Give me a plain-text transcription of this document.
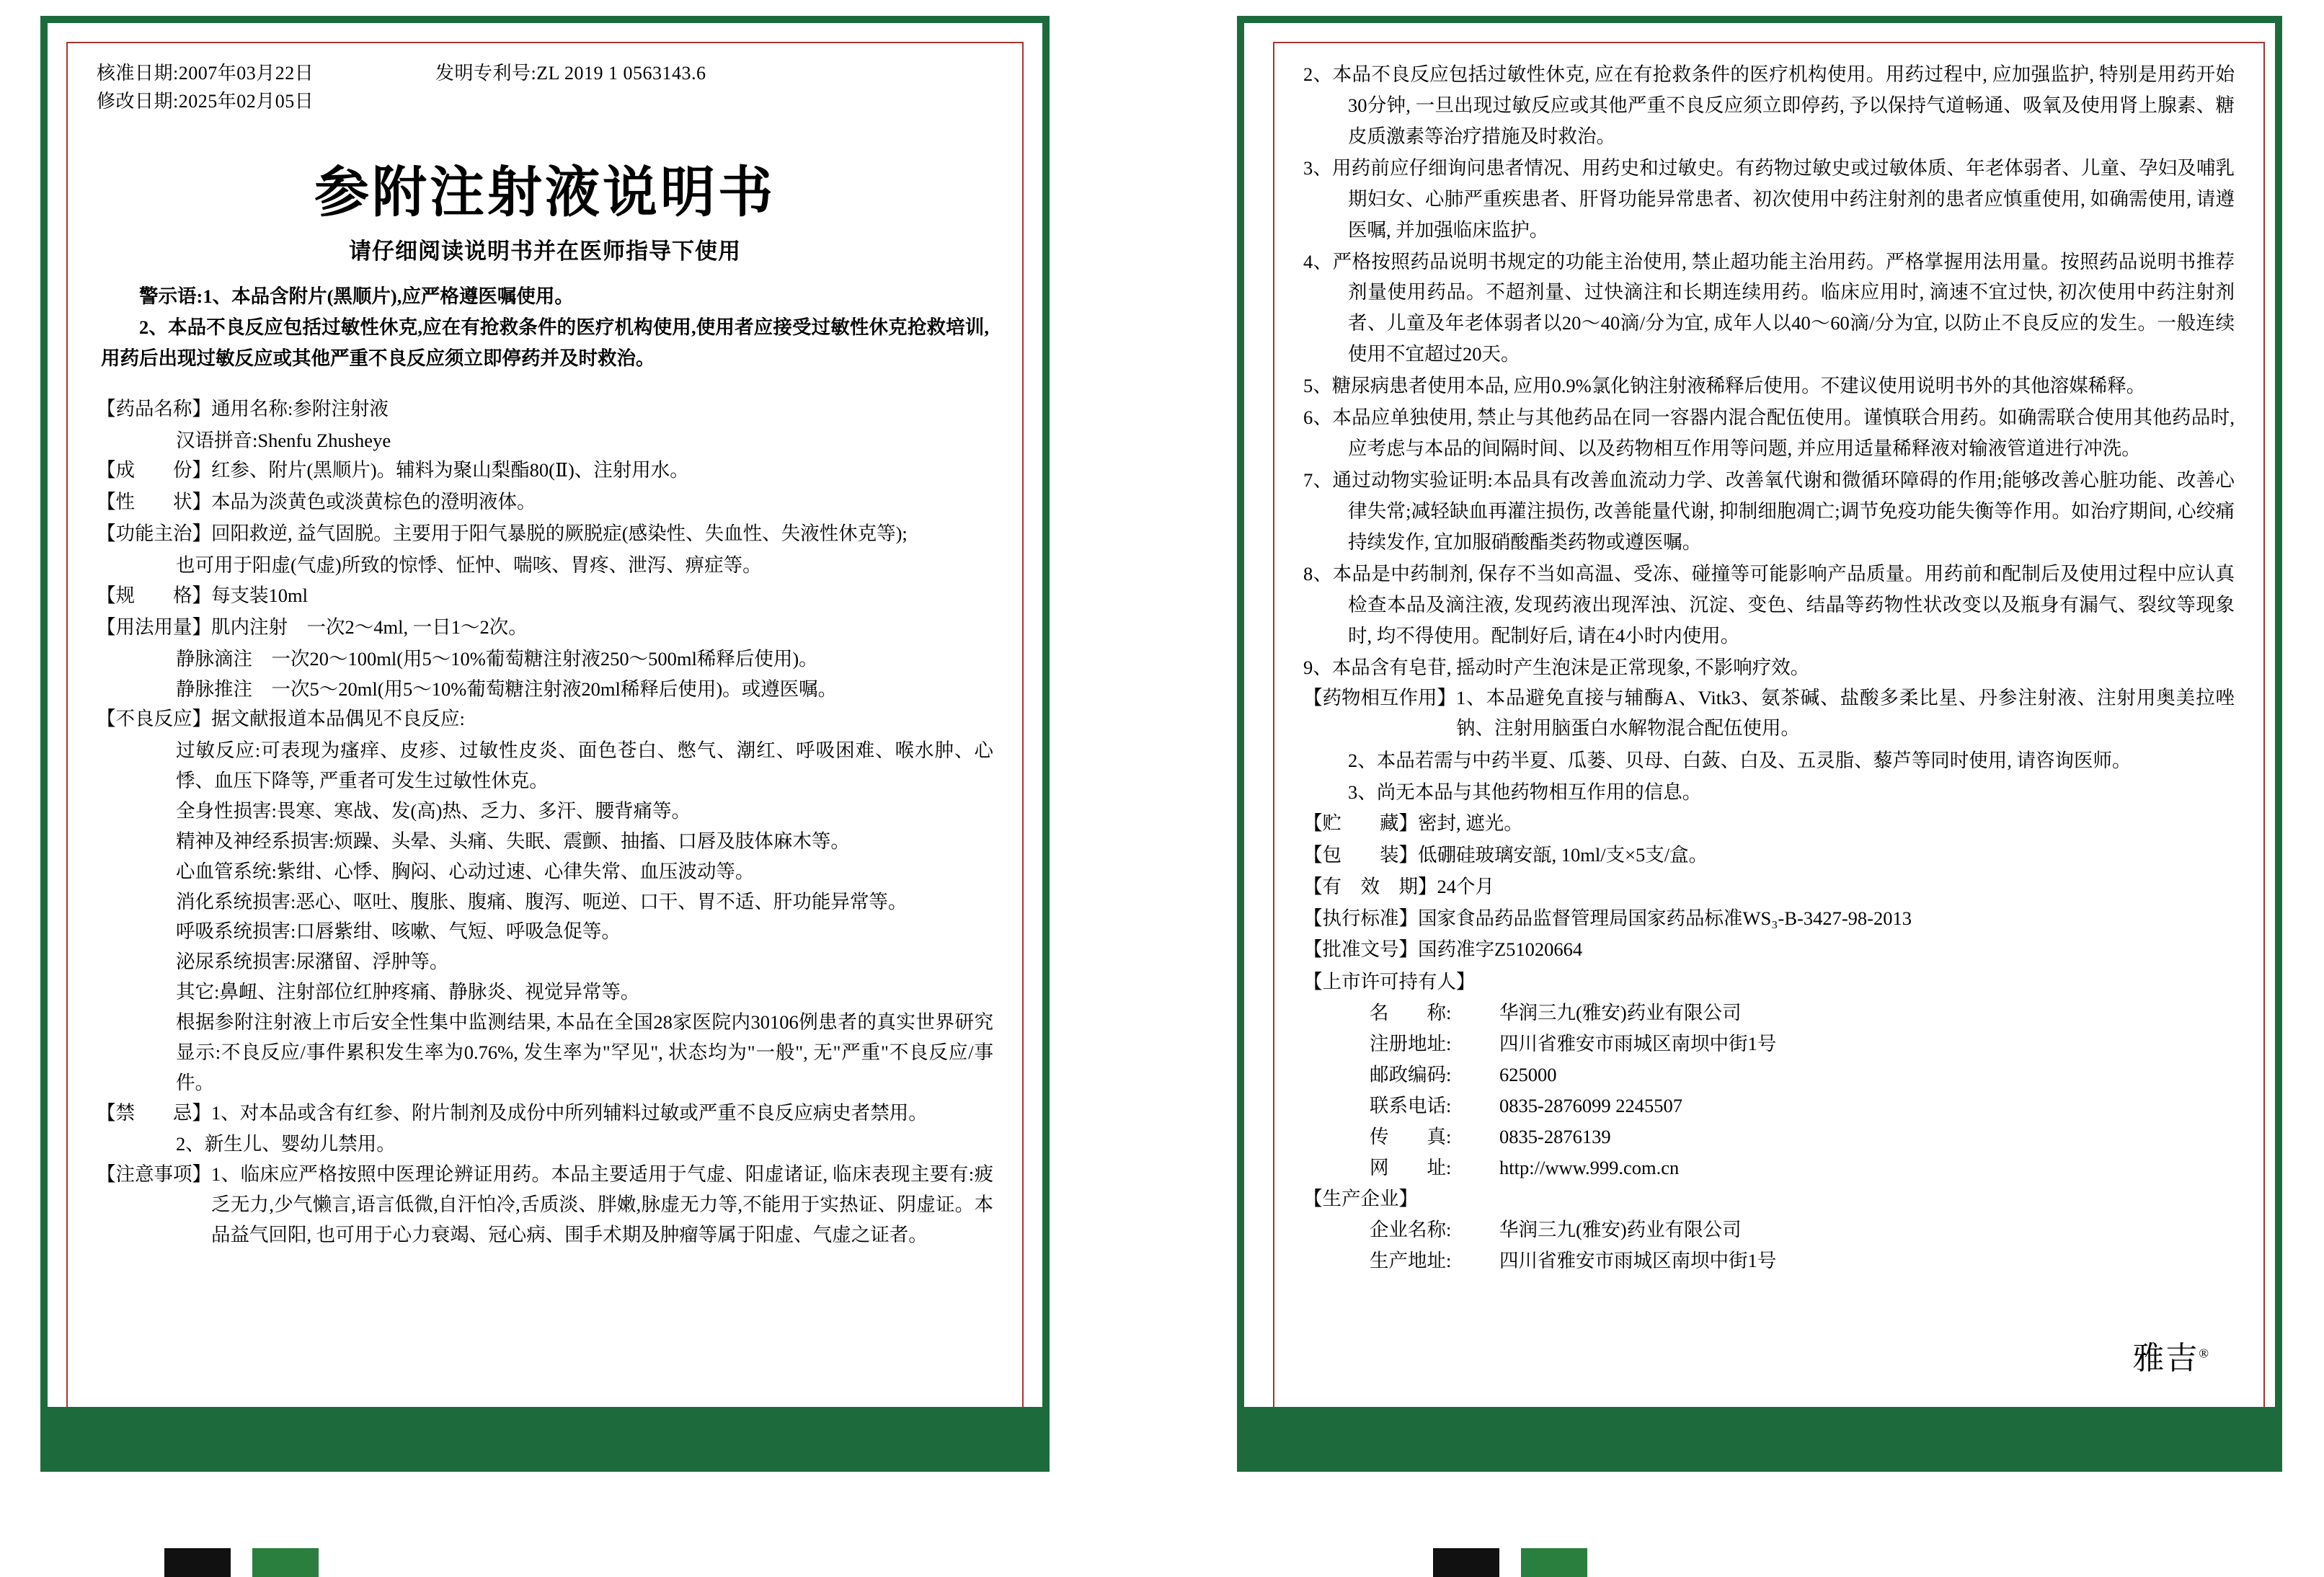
核准日期:2007年03月22日
修改日期:2025年02月05日
发明专利号:ZL 2019 1 0563143.6
参附注射液说明书
请仔细阅读说明书并在医师指导下使用

警示语:1、本品含附片(黑顺片),应严格遵医嘱使用。

2、本品不良反应包括过敏性休克,应在有抢救条件的医疗机构使用,使用者应接受过敏性休克抢救培训,用药后出现过敏反应或其他严重不良反应须立即停药并及时救治。

【药品名称】 通用名称:参附注射液
汉语拼音:Shenfu Zhusheye
【成　　份】 红参、附片(黑顺片)。辅料为聚山梨酯80(Ⅱ)、注射用水。
【性　　状】 本品为淡黄色或淡黄棕色的澄明液体。
【功能主治】 回阳救逆, 益气固脱。主要用于阳气暴脱的厥脱症(感染性、失血性、失液性休克等);
也可用于阳虚(气虚)所致的惊悸、怔忡、喘咳、胃疼、泄泻、痹症等。
【规　　格】 每支装10ml
【用法用量】 肌内注射　一次2～4ml, 一日1～2次。
静脉滴注　一次20～100ml(用5～10%葡萄糖注射液250～500ml稀释后使用)。
静脉推注　一次5～20ml(用5～10%葡萄糖注射液20ml稀释后使用)。或遵医嘱。
【不良反应】 据文献报道本品偶见不良反应:
过敏反应:可表现为瘙痒、皮疹、过敏性皮炎、面色苍白、憋气、潮红、呼吸困难、喉水肿、心悸、血压下降等, 严重者可发生过敏性休克。
全身性损害:畏寒、寒战、发(高)热、乏力、多汗、腰背痛等。
精神及神经系损害:烦躁、头晕、头痛、失眠、震颤、抽搐、口唇及肢体麻木等。
心血管系统:紫绀、心悸、胸闷、心动过速、心律失常、血压波动等。
消化系统损害:恶心、呕吐、腹胀、腹痛、腹泻、呃逆、口干、胃不适、肝功能异常等。
呼吸系统损害:口唇紫绀、咳嗽、气短、呼吸急促等。
泌尿系统损害:尿潴留、浮肿等。
其它:鼻衄、注射部位红肿疼痛、静脉炎、视觉异常等。
根据参附注射液上市后安全性集中监测结果, 本品在全国28家医院内30106例患者的真实世界研究显示:不良反应/事件累积发生率为0.76%, 发生率为"罕见", 状态均为"一般", 无"严重"不良反应/事件。
【禁　　忌】 1、对本品或含有红参、附片制剂及成份中所列辅料过敏或严重不良反应病史者禁用。
2、新生儿、婴幼儿禁用。
【注意事项】 1、临床应严格按照中医理论辨证用药。本品主要适用于气虚、阳虚诸证, 临床表现主要有:疲乏无力,少气懒言,语言低微,自汗怕冷,舌质淡、胖嫩,脉虚无力等,不能用于实热证、阴虚证。本品益气回阳, 也可用于心力衰竭、冠心病、围手术期及肿瘤等属于阳虚、气虚之证者。
2、本品不良反应包括过敏性休克, 应在有抢救条件的医疗机构使用。用药过程中, 应加强监护, 特别是用药开始30分钟, 一旦出现过敏反应或其他严重不良反应须立即停药, 予以保持气道畅通、吸氧及使用肾上腺素、糖皮质激素等治疗措施及时救治。
3、用药前应仔细询问患者情况、用药史和过敏史。有药物过敏史或过敏体质、年老体弱者、儿童、孕妇及哺乳期妇女、心肺严重疾患者、肝肾功能异常患者、初次使用中药注射剂的患者应慎重使用, 如确需使用, 请遵医嘱, 并加强临床监护。
4、严格按照药品说明书规定的功能主治使用, 禁止超功能主治用药。严格掌握用法用量。按照药品说明书推荐剂量使用药品。不超剂量、过快滴注和长期连续用药。临床应用时, 滴速不宜过快, 初次使用中药注射剂者、儿童及年老体弱者以20～40滴/分为宜, 成年人以40～60滴/分为宜, 以防止不良反应的发生。一般连续使用不宜超过20天。
5、糖尿病患者使用本品, 应用0.9%氯化钠注射液稀释后使用。不建议使用说明书外的其他溶媒稀释。
6、本品应单独使用, 禁止与其他药品在同一容器内混合配伍使用。谨慎联合用药。如确需联合使用其他药品时, 应考虑与本品的间隔时间、以及药物相互作用等问题, 并应用适量稀释液对输液管道进行冲洗。
7、通过动物实验证明:本品具有改善血流动力学、改善氧代谢和微循环障碍的作用;能够改善心脏功能、改善心律失常;减轻缺血再灌注损伤, 改善能量代谢, 抑制细胞凋亡;调节免疫功能失衡等作用。如治疗期间, 心绞痛持续发作, 宜加服硝酸酯类药物或遵医嘱。
8、本品是中药制剂, 保存不当如高温、受冻、碰撞等可能影响产品质量。用药前和配制后及使用过程中应认真检查本品及滴注液, 发现药液出现浑浊、沉淀、变色、结晶等药物性状改变以及瓶身有漏气、裂纹等现象时, 均不得使用。配制好后, 请在4小时内使用。
9、本品含有皂苷, 摇动时产生泡沫是正常现象, 不影响疗效。
【药物相互作用】 1、本品避免直接与辅酶A、Vitk3、氨茶碱、盐酸多柔比星、丹参注射液、注射用奥美拉唑钠、注射用脑蛋白水解物混合配伍使用。
2、本品若需与中药半夏、瓜蒌、贝母、白蔹、白及、五灵脂、藜芦等同时使用, 请咨询医师。
3、尚无本品与其他药物相互作用的信息。
【贮　　藏】 密封, 遮光。
【包　　装】 低硼硅玻璃安瓿, 10ml/支×5支/盒。
【有　效　期】 24个月
【执行标准】 国家食品药品监督管理局国家药品标准WS₃-B-3427-98-2013
【批准文号】 国药准字Z51020664
【上市许可持有人】
名　　称:	华润三九(雅安)药业有限公司
注册地址:	四川省雅安市雨城区南坝中街1号
邮政编码:	625000
联系电话:	0835-2876099 2245507
传　　真:	0835-2876139
网　　址:	http://www.999.com.cn
【生产企业】
企业名称:	华润三九(雅安)药业有限公司
生产地址:	四川省雅安市雨城区南坝中街1号
雅吉®
